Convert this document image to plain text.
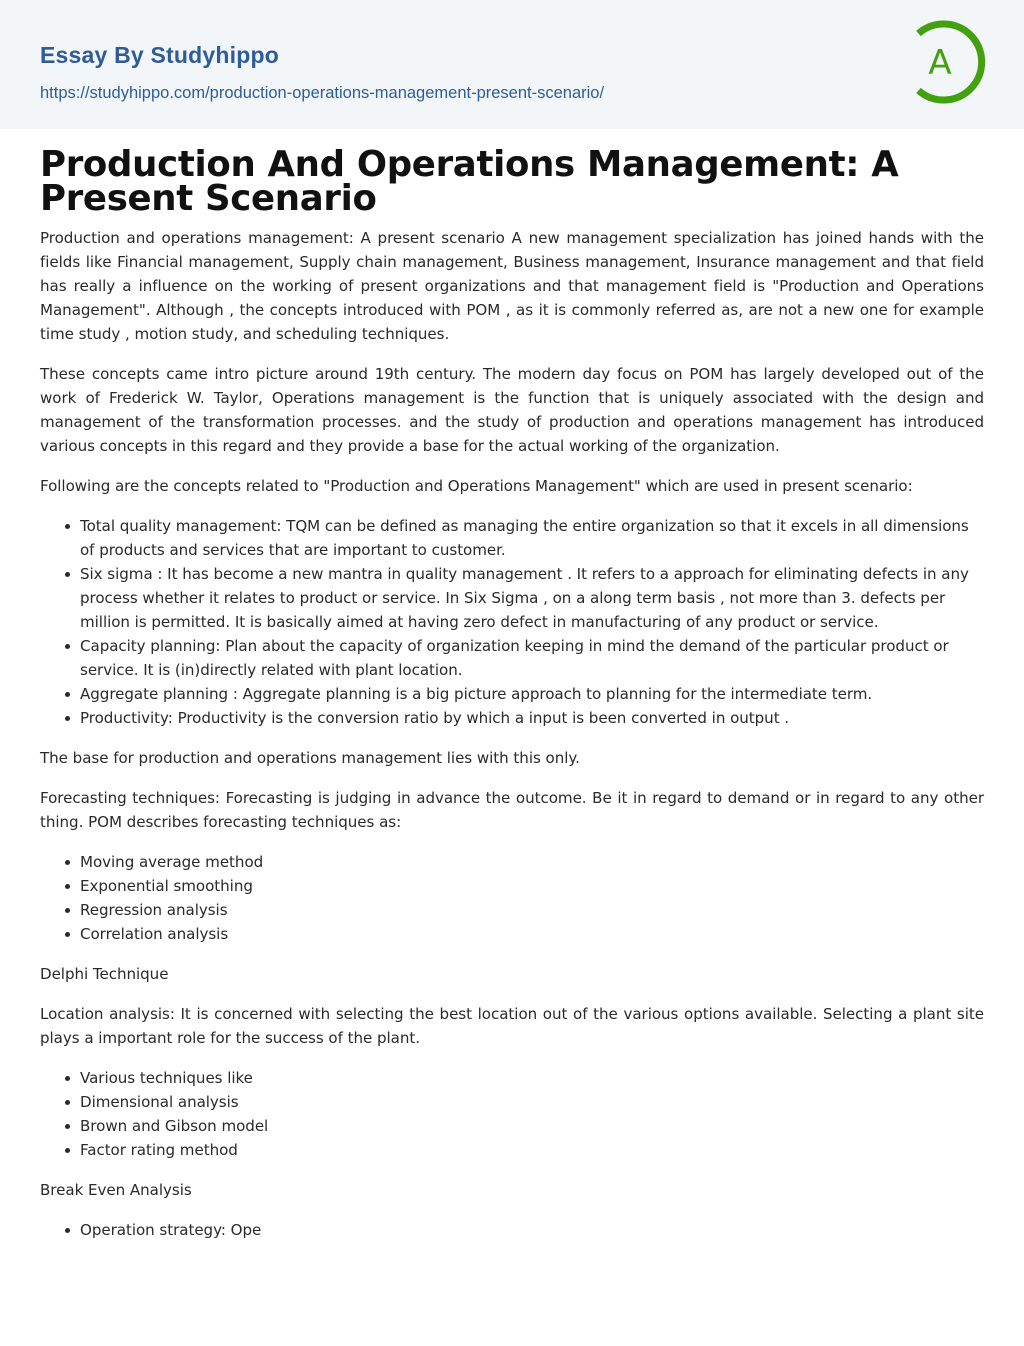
Essay By Studyhippo
https://studyhippo.com/production-operations-management-present-scenario/
A
Production And Operations Management: A Present Scenario

Production and operations management: A present scenario A new management specialization has joined hands with the fields like Financial management, Supply chain management, Business management, Insurance management and that field has really a influence on the working of present organizations and that management field is "Production and Operations Management". Although , the concepts introduced with POM , as it is commonly referred as, are not a new one for example time study , motion study, and scheduling techniques.

These concepts came intro picture around 19th century. The modern day focus on POM has largely developed out of the work of Frederick W. Taylor, Operations management is the function that is uniquely associated with the design and management of the transformation processes. and the study of production and operations management has introduced various concepts in this regard and they provide a base for the actual working of the organization.

Following are the concepts related to "Production and Operations Management" which are used in present scenario:

Total quality management: TQM can be defined as managing the entire organization so that it excels in all dimensions of products and services that are important to customer.
Six sigma : It has become a new mantra in quality management . It refers to a approach for eliminating defects in any process whether it relates to product or service. In Six Sigma , on a along term basis , not more than 3. defects per million is permitted. It is basically aimed at having zero defect in manufacturing of any product or service.
Capacity planning: Plan about the capacity of organization keeping in mind the demand of the particular product or service. It is (in)directly related with plant location.
Aggregate planning : Aggregate planning is a big picture approach to planning for the intermediate term.
Productivity: Productivity is the conversion ratio by which a input is been converted in output .

The base for production and operations management lies with this only.

Forecasting techniques: Forecasting is judging in advance the outcome. Be it in regard to demand or in regard to any other thing. POM describes forecasting techniques as:

Moving average method
Exponential smoothing
Regression analysis
Correlation analysis

Delphi Technique

Location analysis: It is concerned with selecting the best location out of the various options available. Selecting a plant site plays a important role for the success of the plant.

Various techniques like
Dimensional analysis
Brown and Gibson model
Factor rating method

Break Even Analysis

Operation strategy: Ope
